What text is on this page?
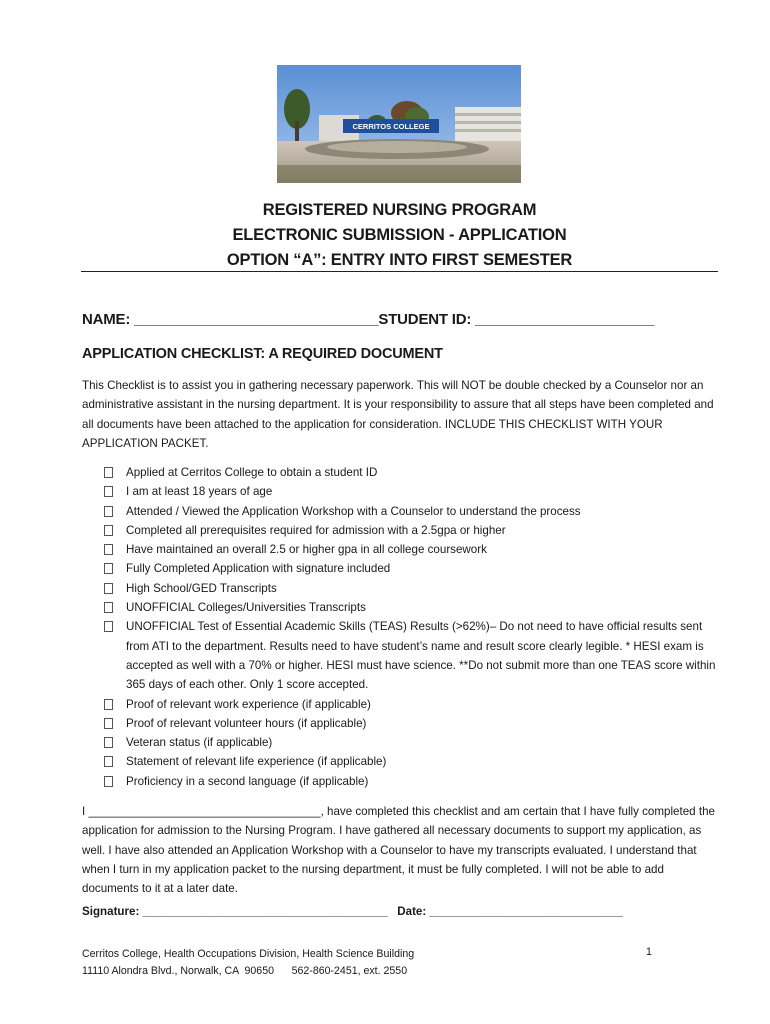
CERRITOS COLLEGE
REGISTERED NURSING PROGRAM
ELECTRONIC SUBMISSION - APPLICATION
OPTION “A”: ENTRY INTO FIRST SEMESTER
NAME: ______________________________STUDENT ID: ______________________
APPLICATION CHECKLIST: A REQUIRED DOCUMENT
This Checklist is to assist you in gathering necessary paperwork. This will NOT be double checked by a Counselor nor an administrative assistant in the nursing department. It is your responsibility to assure that all steps have been completed and all documents have been attached to the application for consideration. INCLUDE THIS CHECKLIST WITH YOUR APPLICATION PACKET.
Applied at Cerritos College to obtain a student ID
I am at least 18 years of age
Attended / Viewed the Application Workshop with a Counselor to understand the process
Completed all prerequisites required for admission with a 2.5gpa or higher
Have maintained an overall 2.5 or higher gpa in all college coursework
Fully Completed Application with signature included
High School/GED Transcripts
UNOFFICIAL Colleges/Universities Transcripts
UNOFFICIAL Test of Essential Academic Skills (TEAS) Results (>62%)– Do not need to have official results sent from ATI to the department. Results need to have student’s name and result score clearly legible. * HESI exam is accepted as well with a 70% or higher. HESI must have science. **Do not submit more than one TEAS score within 365 days of each other. Only 1 score accepted.
Proof of relevant work experience (if applicable)
Proof of relevant volunteer hours (if applicable)
Veteran status (if applicable)
Statement of relevant life experience (if applicable)
Proficiency in a second language (if applicable)
I ____________________________________, have completed this checklist and am certain that I have fully completed the application for admission to the Nursing Program. I have gathered all necessary documents to support my application, as well. I have also attended an Application Workshop with a Counselor to have my transcripts evaluated. I understand that when I turn in my application packet to the nursing department, it must be fully completed. I will not be able to add documents to it at a later date.
Signature: ______________________________________ Date: ______________________________
Cerritos College, Health Occupations Division, Health Science Building
11110 Alondra Blvd., Norwalk, CA  90650      562-860-2451, ext. 2550
1
